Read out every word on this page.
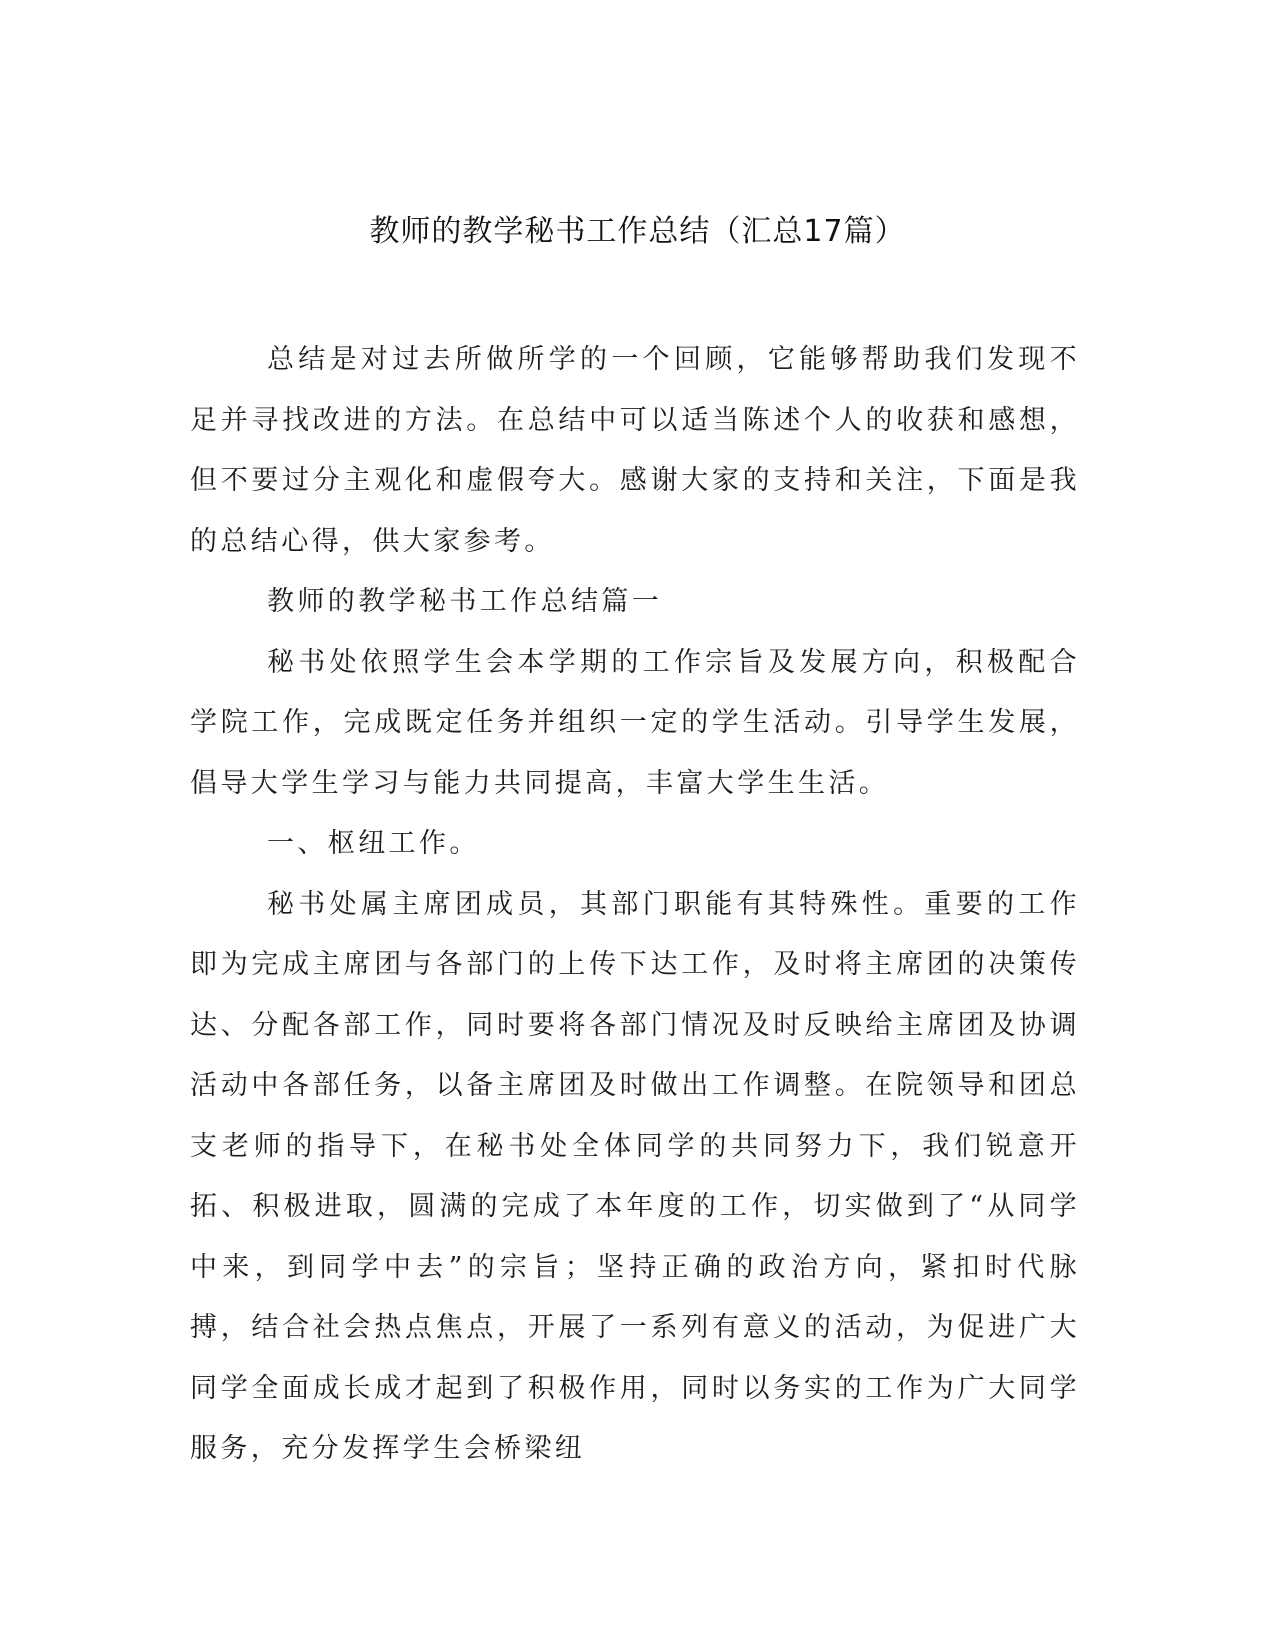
教师的教学秘书工作总结（汇总17篇）

总结是对过去所做所学的一个回顾，它能够帮助我们发现不足并寻找改进的方法。在总结中可以适当陈述个人的收获和感想，但不要过分主观化和虚假夸大。感谢大家的支持和关注，下面是我的总结心得，供大家参考。

教师的教学秘书工作总结篇一

秘书处依照学生会本学期的工作宗旨及发展方向，积极配合学院工作，完成既定任务并组织一定的学生活动。引导学生发展，倡导大学生学习与能力共同提高，丰富大学生生活。

一、枢纽工作。

秘书处属主席团成员，其部门职能有其特殊性。重要的工作即为完成主席团与各部门的上传下达工作，及时将主席团的决策传达、分配各部工作，同时要将各部门情况及时反映给主席团及协调活动中各部任务，以备主席团及时做出工作调整。在院领导和团总支老师的指导下，在秘书处全体同学的共同努力下，我们锐意开拓、积极进取，圆满的完成了本年度的工作，切实做到了“从同学中来，到同学中去”的宗旨；坚持正确的政治方向，紧扣时代脉搏，结合社会热点焦点，开展了一系列有意义的活动，为促进广大同学全面成长成才起到了积极作用，同时以务实的工作为广大同学服务，充分发挥学生会桥梁纽
